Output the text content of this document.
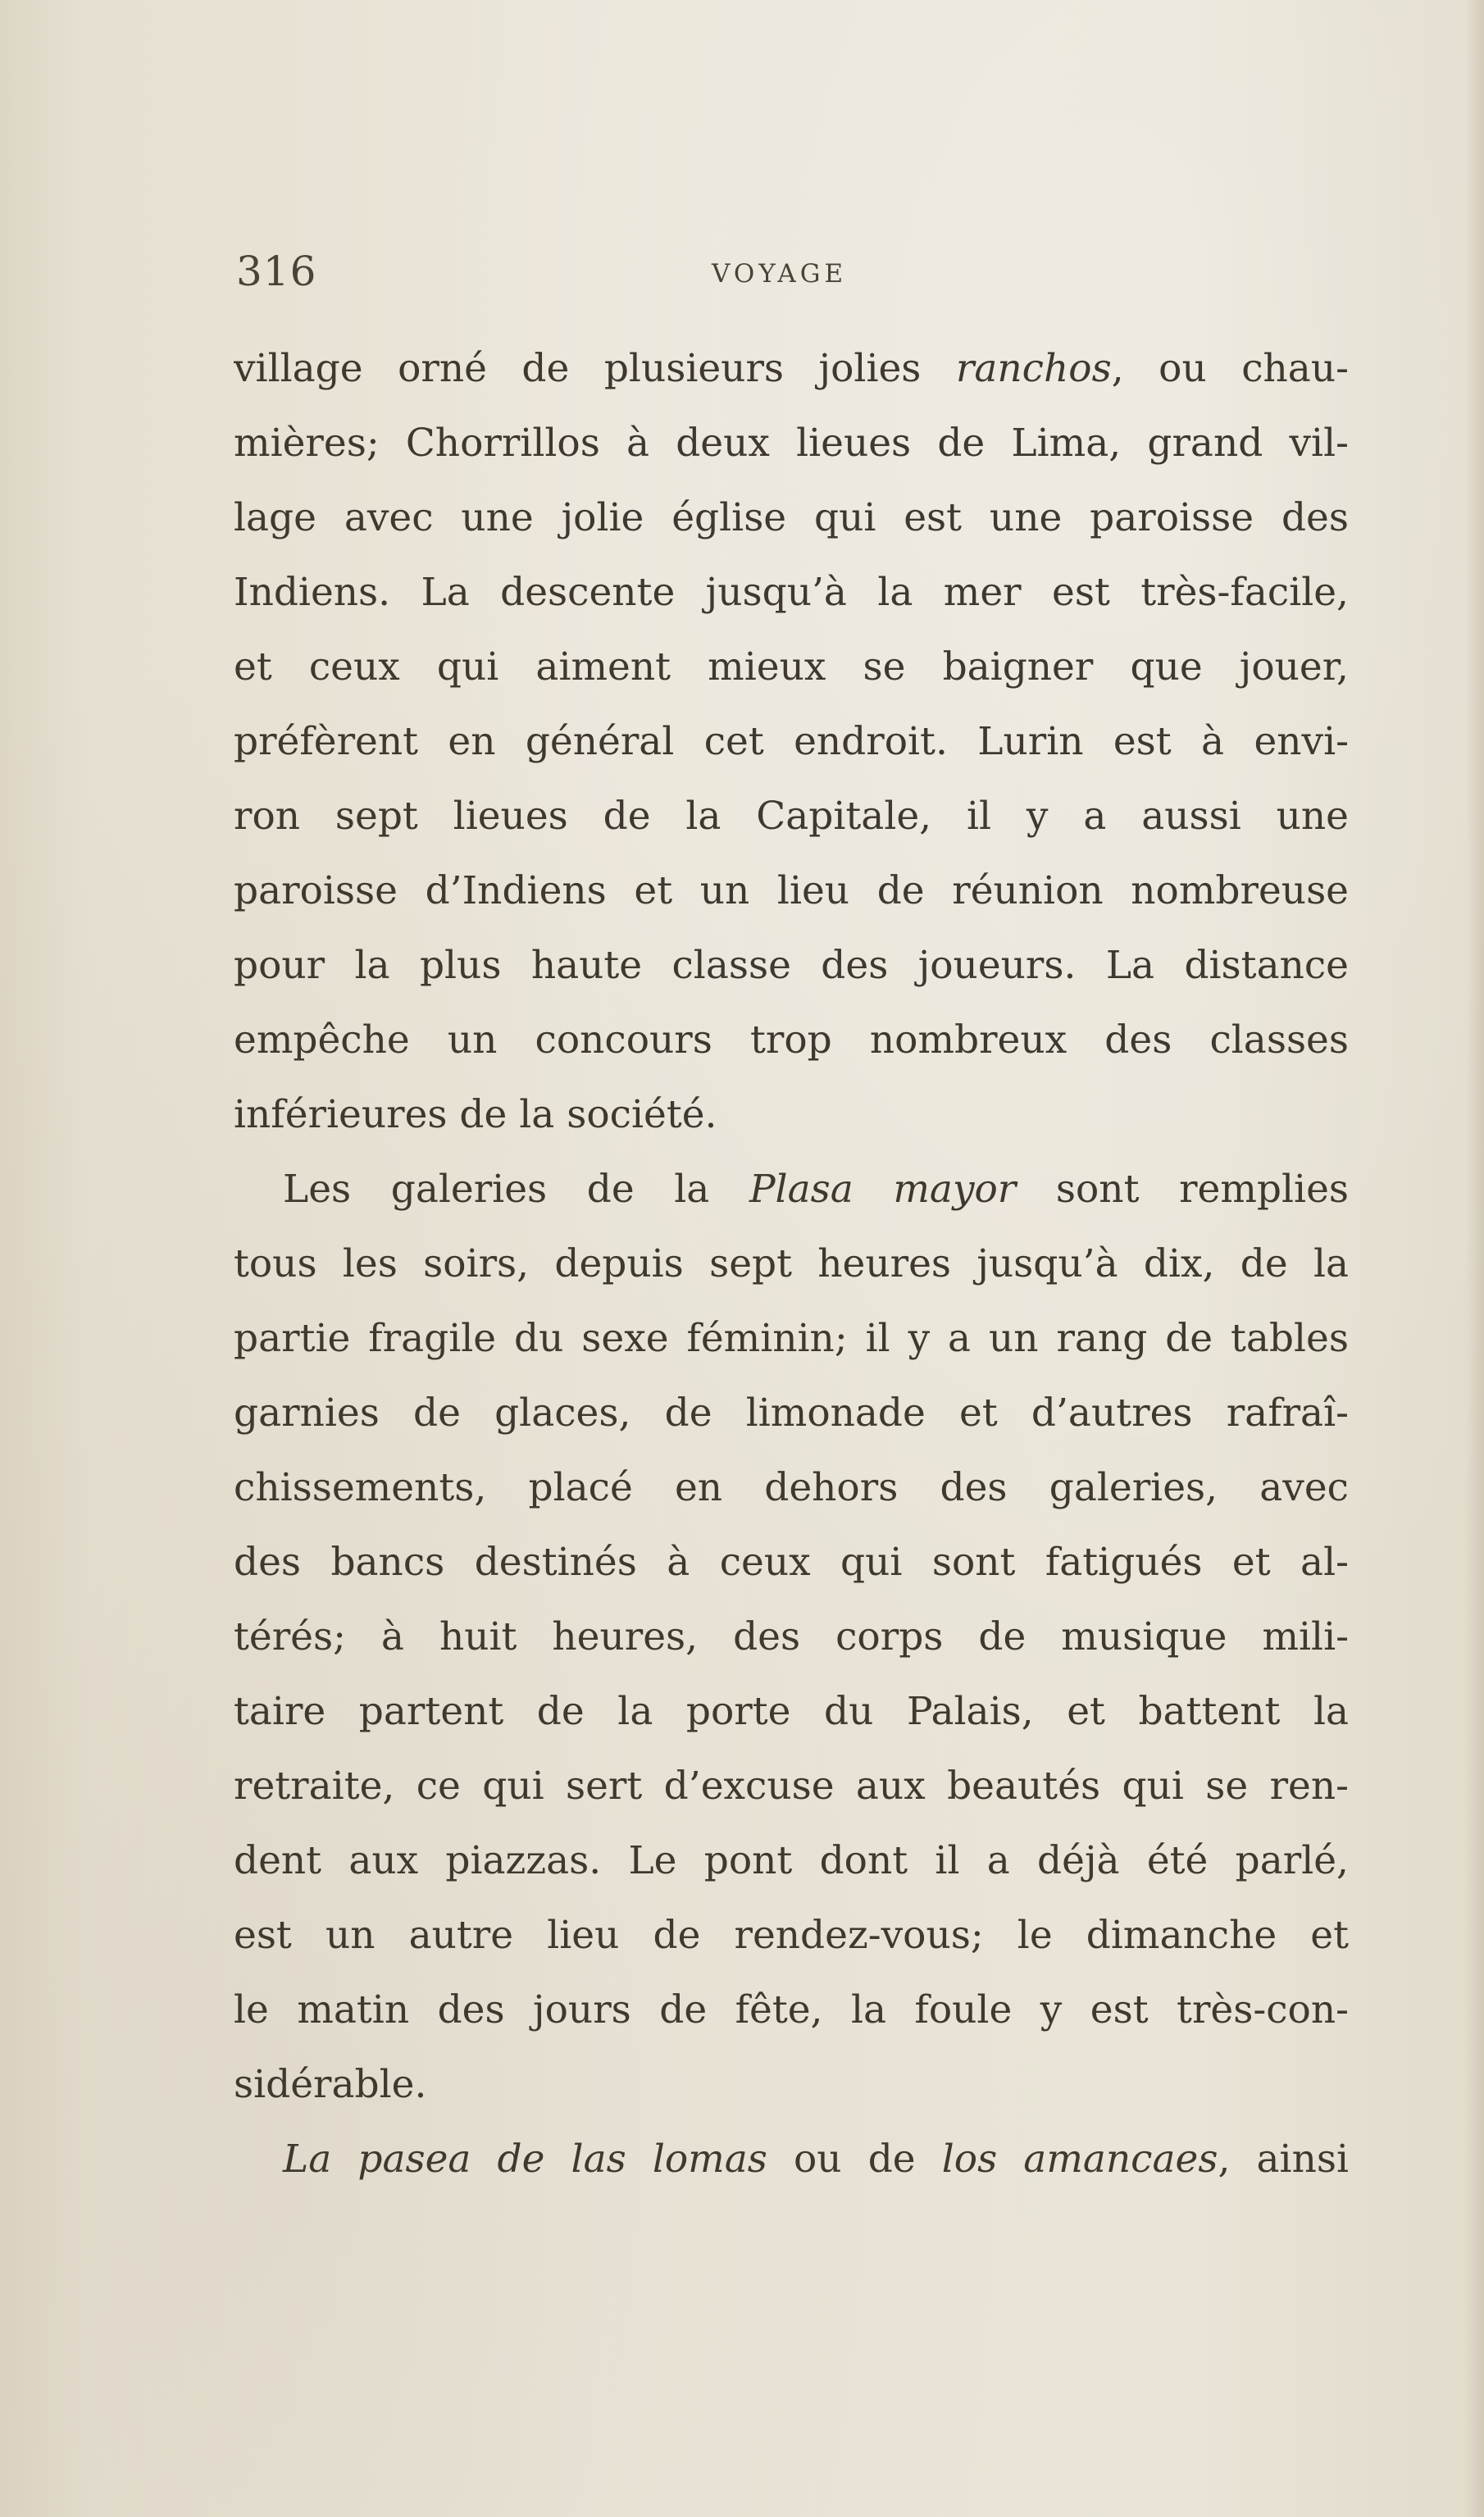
316	VOYAGE
village orné de plusieurs jolies ranchos, ou chau-
mières; Chorrillos à deux lieues de Lima, grand vil-
lage avec une jolie église qui est une paroisse des
Indiens. La descente jusqu’à la mer est très-facile,
et ceux qui aiment mieux se baigner que jouer,
préfèrent en général cet endroit. Lurin est à envi-
ron sept lieues de la Capitale, il y a aussi une
paroisse d’Indiens et un lieu de réunion nombreuse
pour la plus haute classe des joueurs. La distance
empêche un concours trop nombreux des classes
inférieures de la société.
Les galeries de la Plasa mayor sont remplies
tous les soirs, depuis sept heures jusqu’à dix, de la
partie fragile du sexe féminin; il y a un rang de tables
garnies de glaces, de limonade et d’autres rafraî-
chissements, placé en dehors des galeries, avec
des bancs destinés à ceux qui sont fatigués et al-
térés; à huit heures, des corps de musique mili-
taire partent de la porte du Palais, et battent la
retraite, ce qui sert d’excuse aux beautés qui se ren-
dent aux piazzas. Le pont dont il a déjà été parlé,
est un autre lieu de rendez-vous; le dimanche et
le matin des jours de fête, la foule y est très-con-
sidérable.
La pasea de las lomas ou de los amancaes, ainsi
